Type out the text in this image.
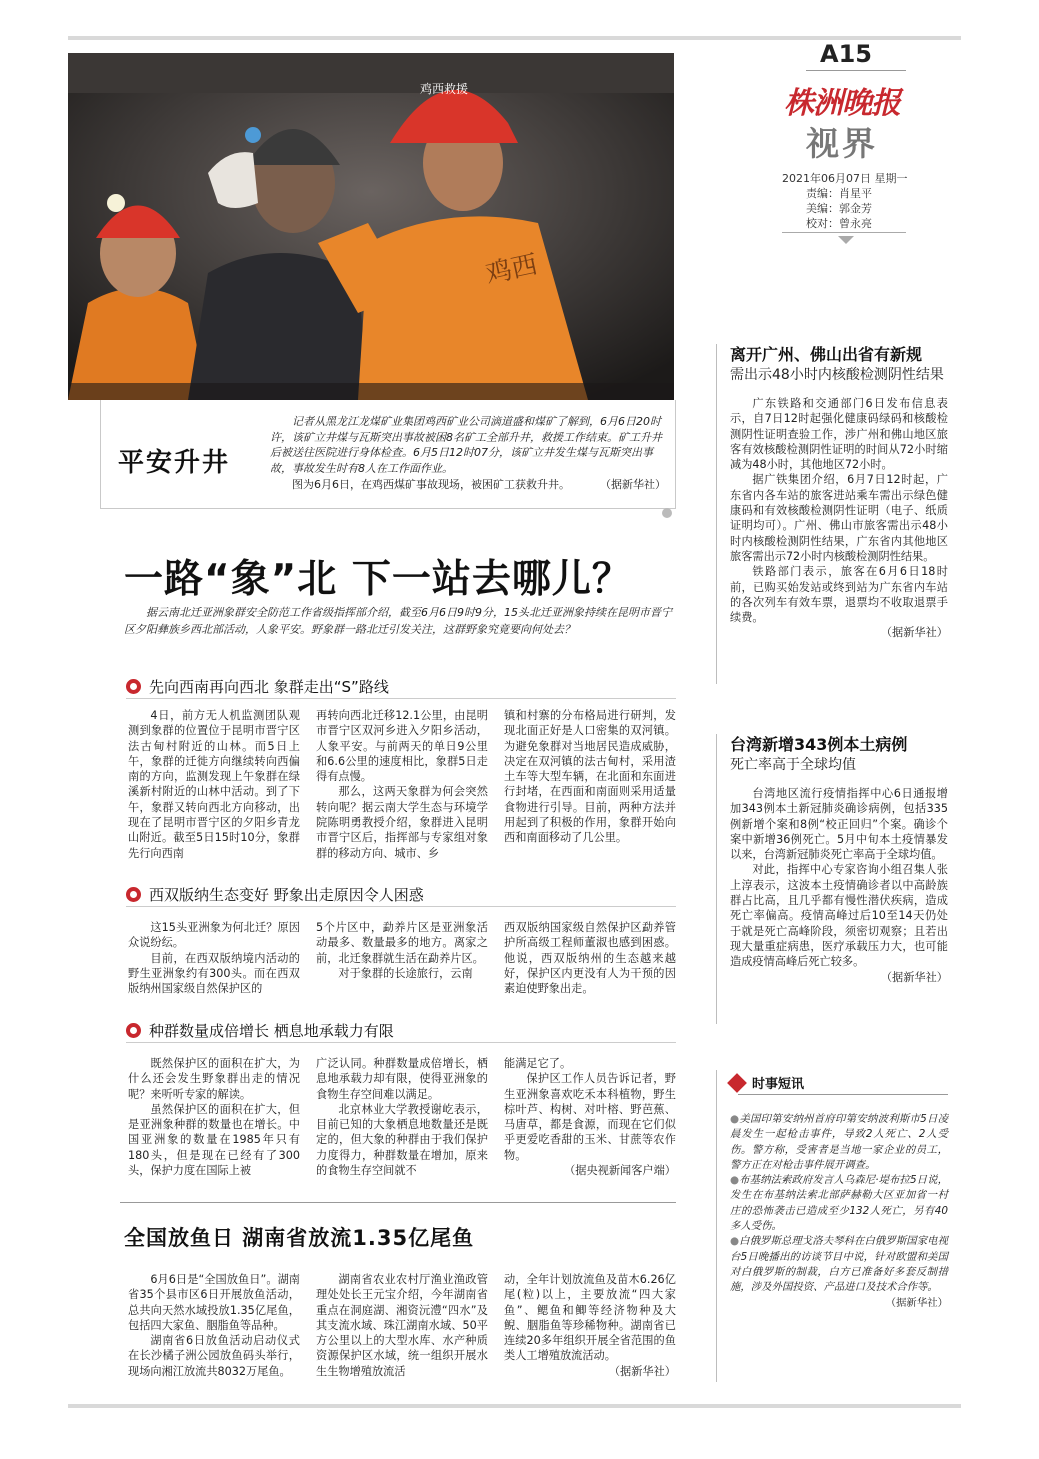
鸡西救援
鸡西
A15
株洲晚报
视界
2021年06月07日 星期一
责编：肖星平
美编：郭金芳
校对：曾永亮
平安升井
记者从黑龙江龙煤矿业集团鸡西矿业公司滴道盛和煤矿了解到，6月6日20时许，该矿立井煤与瓦斯突出事故被困8名矿工全部升井，救援工作结束。矿工升井后被送往医院进行身体检查。6月5日12时07分，该矿立井发生煤与瓦斯突出事故，事故发生时有8人在工作面作业。
图为6月6日，在鸡西煤矿事故现场，被困矿工获救升井。	（据新华社）
一路“象”北 下一站去哪儿？
据云南北迁亚洲象群安全防范工作省级指挥部介绍，截至6月6日9时9分，15头北迁亚洲象持续在昆明市晋宁区夕阳彝族乡西北部活动，人象平安。野象群一路北迁引发关注，这群野象究竟要向何处去？
先向西南再向西北 象群走出“S”路线

4日，前方无人机监测团队观测到象群的位置位于昆明市晋宁区法古甸村附近的山林。而5日上午，象群的迁徙方向继续转向西偏南的方向，监测发现上午象群在绿溪新村附近的山林中活动。到了下午，象群又转向西北方向移动，出现在了昆明市晋宁区的夕阳乡青龙山附近。截至5日15时10分，象群先行向西南

再转向西北迁移12.1公里，由昆明市晋宁区双河乡进入夕阳乡活动，人象平安。与前两天的单日9公里和6.6公里的速度相比，象群5日走得有点慢。

那么，这两天象群为何会突然转向呢？据云南大学生态与环境学院陈明勇教授介绍，象群进入昆明市晋宁区后，指挥部与专家组对象群的移动方向、城市、乡

镇和村寨的分布格局进行研判，发现北面正好是人口密集的双河镇。为避免象群对当地居民造成威胁，决定在双河镇的法古甸村，采用渣土车等大型车辆，在北面和东面进行封堵，在西面和南面则采用适量食物进行引导。目前，两种方法并用起到了积极的作用，象群开始向西和南面移动了几公里。

西双版纳生态变好 野象出走原因令人困惑

这15头亚洲象为何北迁？原因众说纷纭。

目前，在西双版纳境内活动的野生亚洲象约有300头。而在西双版纳州国家级自然保护区的

5个片区中，勐养片区是亚洲象活动最多、数量最多的地方。离家之前，北迁象群就生活在勐养片区。

对于象群的长途旅行，云南

西双版纳国家级自然保护区勐养管护所高级工程师董淑也感到困惑。他说，西双版纳州的生态越来越好，保护区内更没有人为干预的因素迫使野象出走。

种群数量成倍增长 栖息地承载力有限

既然保护区的面积在扩大，为什么还会发生野象群出走的情况呢？来听听专家的解读。

虽然保护区的面积在扩大，但是亚洲象种群的数量也在增长。中国亚洲象的数量在1985年只有180头，但是现在已经有了300头，保护力度在国际上被

广泛认同。种群数量成倍增长，栖息地承载力却有限，使得亚洲象的食物生存空间难以满足。

北京林业大学教授谢屹表示，目前已知的大象栖息地数量还是既定的，但大象的种群由于我们保护力度得力，种群数量在增加，原来的食物生存空间就不

能满足它了。

保护区工作人员告诉记者，野生亚洲象喜欢吃禾本科植物，野生棕叶芦、构树、对叶榕、野芭蕉、马唐草，都是食源，而现在它们似乎更爱吃香甜的玉米、甘蔗等农作物。

（据央视新闻客户端）
全国放鱼日 湖南省放流1.35亿尾鱼

6月6日是“全国放鱼日”。湖南省35个县市区6日开展放鱼活动，总共向天然水域投放1.35亿尾鱼，包括四大家鱼、胭脂鱼等品种。

湖南省6日放鱼活动启动仪式在长沙橘子洲公园放鱼码头举行，现场向湘江放流共8032万尾鱼。

湖南省农业农村厅渔业渔政管理处处长王元宝介绍，今年湖南省重点在洞庭湖、湘资沅澧“四水”及其支流水域、珠江湖南水域、50平方公里以上的大型水库、水产种质资源保护区水域，统一组织开展水生生物增殖放流活

动，全年计划放流鱼及苗木6.26亿尾(粒)以上，主要放流“四大家鱼”、鳃鱼和鲫等经济物种及大鲵、胭脂鱼等珍稀物种。湖南省已连续20多年组织开展全省范围的鱼类人工增殖放流活动。

（据新华社）
离开广州、佛山出省有新规
需出示48小时内核酸检测阴性结果

广东铁路和交通部门6日发布信息表示，自7日12时起强化健康码绿码和核酸检测阴性证明查验工作，涉广州和佛山地区旅客有效核酸检测阴性证明的时间从72小时缩减为48小时，其他地区72小时。

据广铁集团介绍，6月7日12时起，广东省内各车站的旅客进站乘车需出示绿色健康码和有效核酸检测阴性证明（电子、纸质证明均可）。广州、佛山市旅客需出示48小时内核酸检测阴性结果，广东省内其他地区旅客需出示72小时内核酸检测阴性结果。

铁路部门表示，旅客在6月6日18时前，已购买始发站或终到站为广东省内车站的各次列车有效车票，退票均不收取退票手续费。

（据新华社）
台湾新增343例本土病例
死亡率高于全球均值

台湾地区流行疫情指挥中心6日通报增加343例本土新冠肺炎确诊病例，包括335例新增个案和8例“校正回归”个案。确诊个案中新增36例死亡。5月中旬本土疫情暴发以来，台湾新冠肺炎死亡率高于全球均值。

对此，指挥中心专家咨询小组召集人张上淳表示，这波本土疫情确诊者以中高龄族群占比高，且几乎都有慢性潜伏疾病，造成死亡率偏高。疫情高峰过后10至14天仍处于就是死亡高峰阶段，须密切观察；且若出现大量重症病患，医疗承载压力大，也可能造成疫情高峰后死亡较多。

（据新华社）
时事短讯

●美国印第安纳州首府印第安纳波利斯市5日凌晨发生一起枪击事件，导致2人死亡、2人受伤。警方称，受害者是当地一家企业的员工，警方正在对枪击事件展开调查。

●布基纳法索政府发言人乌森尼·堤布拉5日说，发生在布基纳法索北部萨赫勒大区亚加省一村庄的恐怖袭击已造成至少132人死亡，另有40多人受伤。

●白俄罗斯总理戈洛夫琴科在白俄罗斯国家电视台5日晚播出的访谈节目中说，针对欧盟和美国对白俄罗斯的制裁，白方已准备好多套反制措施，涉及外国投资、产品进口及技术合作等。

（据新华社）
